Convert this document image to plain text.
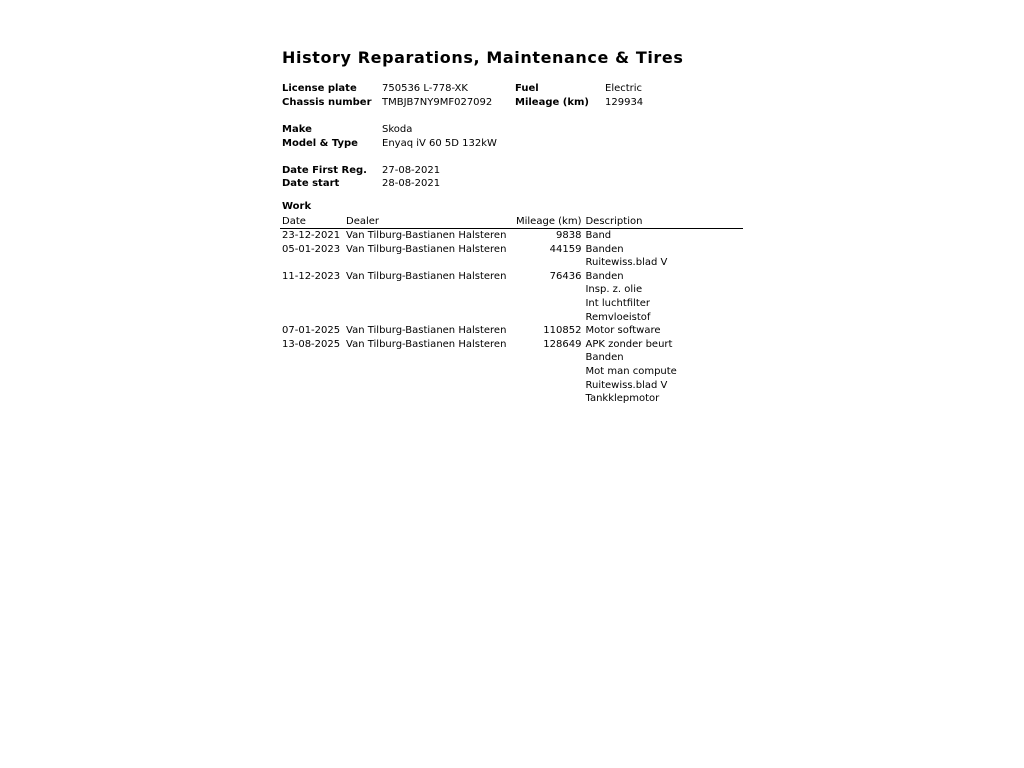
History Reparations, Maintenance & Tires
License plate	750536 L-778-XK	Fuel	Electric
Chassis number TMBJB7NY9MF027092 Mileage (km) 129934
Make	Skoda
Model & Type Enyaq iV 60 5D 132kW
Date First Reg. 27-08-2021
Date start	28-08-2021
Work
Date	Dealer	Mileage (km)	Description
23-12-2021	Van Tilburg-Bastianen Halsteren	9838	Band
05-01-2023	Van Tilburg-Bastianen Halsteren	44159	Banden
			Ruitewiss.blad V
11-12-2023	Van Tilburg-Bastianen Halsteren	76436	Banden
			Insp. z. olie
			Int luchtfilter
			Remvloeistof
07-01-2025	Van Tilburg-Bastianen Halsteren	110852	Motor software
13-08-2025	Van Tilburg-Bastianen Halsteren	128649	APK zonder beurt
			Banden
			Mot man compute
			Ruitewiss.blad V
			Tankklepmotor
